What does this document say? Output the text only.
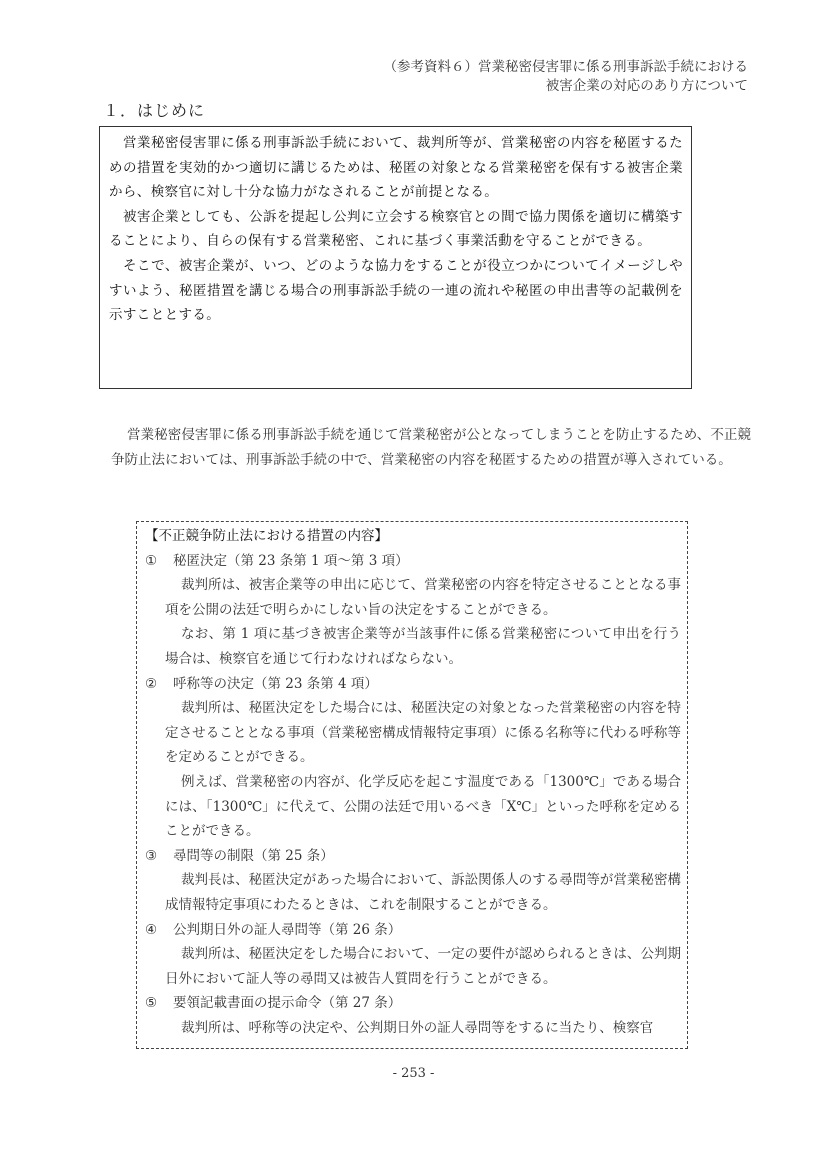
（参考資料６）営業秘密侵害罪に係る刑事訴訟手続における
被害企業の対応のあり方について
１．はじめに

営業秘密侵害罪に係る刑事訴訟手続において、裁判所等が、営業秘密の内容を秘匿するための措置を実効的かつ適切に講じるためは、秘匿の対象となる営業秘密を保有する被害企業から、検察官に対し十分な協力がなされることが前提となる。

被害企業としても、公訴を提起し公判に立会する検察官との間で協力関係を適切に構築することにより、自らの保有する営業秘密、これに基づく事業活動を守ることができる。

そこで、被害企業が、いつ、どのような協力をすることが役立つかについてイメージしやすいよう、秘匿措置を講じる場合の刑事訴訟手続の一連の流れや秘匿の申出書等の記載例を示すこととする。

営業秘密侵害罪に係る刑事訴訟手続を通じて営業秘密が公となってしまうことを防止するため、不正競争防止法においては、刑事訴訟手続の中で、営業秘密の内容を秘匿するための措置が導入されている。

【不正競争防止法における措置の内容】
① 秘匿決定（第 23 条第 1 項～第 3 項）

裁判所は、被害企業等の申出に応じて、営業秘密の内容を特定させることとなる事項を公開の法廷で明らかにしない旨の決定をすることができる。

なお、第 1 項に基づき被害企業等が当該事件に係る営業秘密について申出を行う場合は、検察官を通じて行わなければならない。

② 呼称等の決定（第 23 条第 4 項）

裁判所は、秘匿決定をした場合には、秘匿決定の対象となった営業秘密の内容を特定させることとなる事項（営業秘密構成情報特定事項）に係る名称等に代わる呼称等を定めることができる。

例えば、営業秘密の内容が、化学反応を起こす温度である「1300℃」である場合には、「1300℃」に代えて、公開の法廷で用いるべき「X℃」といった呼称を定めることができる。

③ 尋問等の制限（第 25 条）

裁判長は、秘匿決定があった場合において、訴訟関係人のする尋問等が営業秘密構成情報特定事項にわたるときは、これを制限することができる。

④ 公判期日外の証人尋問等（第 26 条）

裁判所は、秘匿決定をした場合において、一定の要件が認められるときは、公判期日外において証人等の尋問又は被告人質問を行うことができる。

⑤ 要領記載書面の提示命令（第 27 条）

裁判所は、呼称等の決定や、公判期日外の証人尋問等をするに当たり、検察官

- 253 -
